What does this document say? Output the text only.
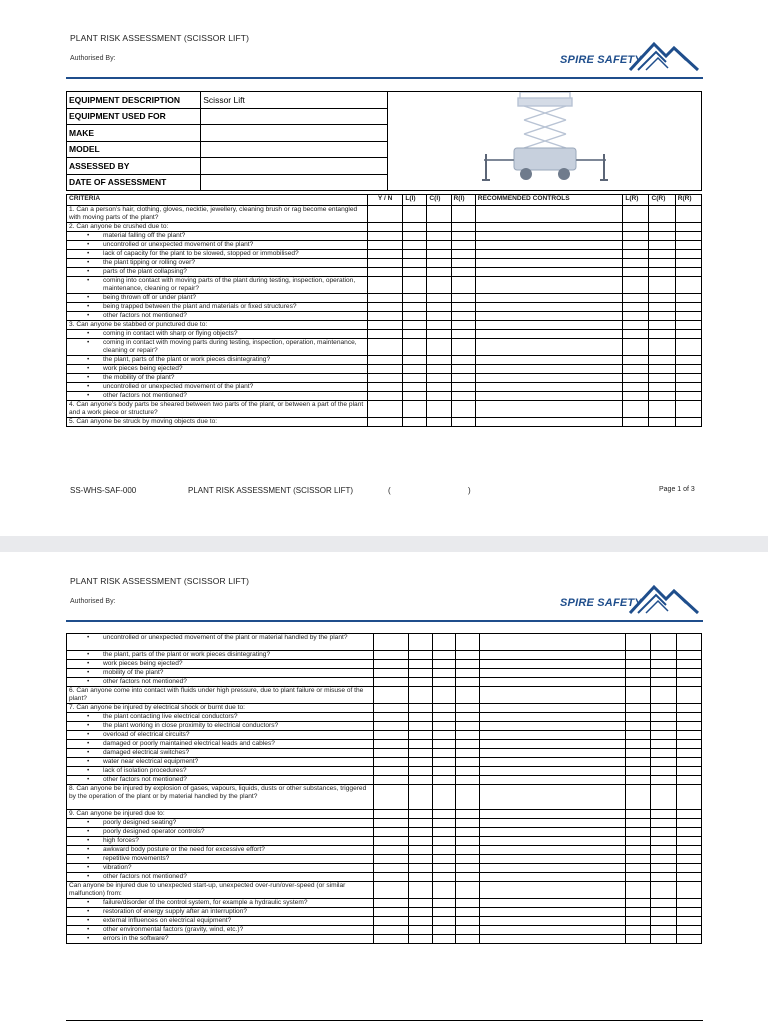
PLANT RISK ASSESSMENT (SCISSOR LIFT)
Authorised By:	SPIRE SAFETY
EQUIPMENT DESCRIPTION	Scissor Lift	
EQUIPMENT USED FOR		
MAKE		
MODEL		
ASSESSED BY		
DATE OF ASSESSMENT		
CRITERIA	Y / N	L(I)	C(I)	R(I)	RECOMMENDED CONTROLS	L(R)	C(R)	R(R)
1. Can a person’s hair, clothing, gloves, necktie, jewellery, cleaning brush or rag become entangled with moving parts of the plant?								
2. Can anyone be crushed due to:								
• material falling off the plant?								
• uncontrolled or unexpected movement of the plant?								
• lack of capacity for the plant to be slowed, stopped or immobilised?								
• the plant tipping or rolling over?								
• parts of the plant collapsing?								
• coming into contact with moving parts of the plant during testing, inspection, operation, maintenance, cleaning or repair?								
• being thrown off or under plant?								
• being trapped between the plant and materials or fixed structures?								
• other factors not mentioned?								
3. Can anyone be stabbed or punctured due to:								
• coming in contact with sharp or flying objects?								
• coming in contact with moving parts during testing, inspection, operation, maintenance, cleaning or repair?								
• the plant, parts of the plant or work pieces disintegrating?								
• work pieces being ejected?								
• the mobility of the plant?								
• uncontrolled or unexpected movement of the plant?								
• other factors not mentioned?								
4. Can anyone’s body parts be sheared between two parts of the plant, or between a part of the plant and a work piece or structure?								
5. Can anyone be struck by moving objects due to:								
SS-WHS-SAF-000	PLANT RISK ASSESSMENT (SCISSOR LIFT)	(	)	Page 1 of 3
PLANT RISK ASSESSMENT (SCISSOR LIFT)
Authorised By:	SPIRE SAFETY
• uncontrolled or unexpected movement of the plant or material handled by the plant?								
• the plant, parts of the plant or work pieces disintegrating?								
• work pieces being ejected?								
• mobility of the plant?								
• other factors not mentioned?								
6. Can anyone come into contact with fluids under high pressure, due to plant failure or misuse of the plant?								
7. Can anyone be injured by electrical shock or burnt due to:								
• the plant contacting live electrical conductors?								
• the plant working in close proximity to electrical conductors?								
• overload of electrical circuits?								
• damaged or poorly maintained electrical leads and cables?								
• damaged electrical switches?								
• water near electrical equipment?								
• lack of isolation procedures?								
• other factors not mentioned?								
8. Can anyone be injured by explosion of gases, vapours, liquids, dusts or other substances, triggered by the operation of the plant or by material handled by the plant?								
9. Can anyone be injured due to:								
• poorly designed seating?								
• poorly designed operator controls?								
• high forces?								
• awkward body posture or the need for excessive effort?								
• repetitive movements?								
• vibration?								
• other factors not mentioned?								
Can anyone be injured due to unexpected start-up, unexpected over-run/over-speed (or similar malfunction) from:								
• failure/disorder of the control system, for example a hydraulic system?								
• restoration of energy supply after an interruption?								
• external influences on electrical equipment?								
• other environmental factors (gravity, wind, etc.)?								
• errors in the software?								
